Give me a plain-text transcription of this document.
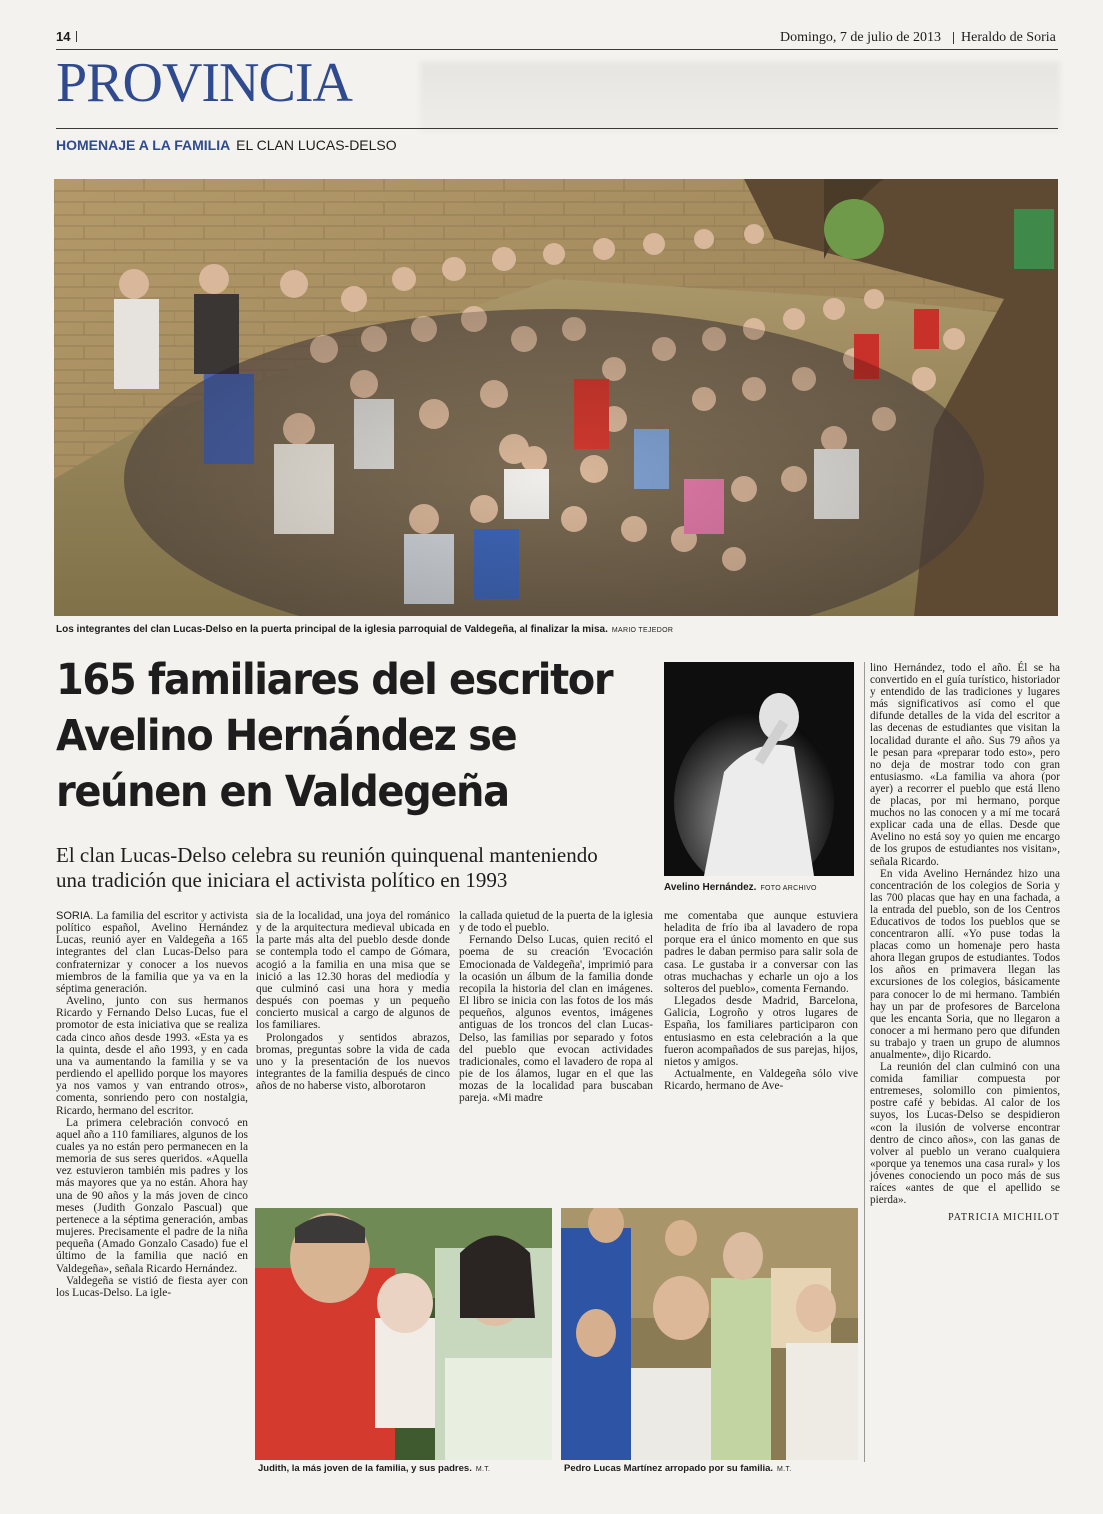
14	Domingo, 7 de julio de 2013 Heraldo de Soria
PROVINCIA
HOMENAJE A LA FAMILIA EL CLAN LUCAS-DELSO
Los integrantes del clan Lucas-Delso en la puerta principal de la iglesia parroquial de Valdegeña, al finalizar la misa. MARIO TEJEDOR
165 familiares del escritor
Avelino Hernández se
reúnen en Valdegeña
El clan Lucas-Delso celebra su reunión quinquenal manteniendo
una tradición que iniciara el activista político en 1993	Avelino Hernández. FOTO ARCHIVO

SORIA. La familia del escritor y activista político español, Avelino Hernández Lucas, reunió ayer en Valdegeña a 165 integrantes del clan Lucas-Delso para confraternizar y conocer a los nuevos miembros de la familia que ya va en la séptima generación.

Avelino, junto con sus hermanos Ricardo y Fernando Delso Lucas, fue el promotor de esta iniciativa que se realiza cada cinco años desde 1993. «Esta ya es la quinta, desde el año 1993, y en cada una va aumentando la familia y se va perdiendo el apellido porque los mayores ya nos vamos y van entrando otros», comenta, sonriendo pero con nostalgia, Ricardo, hermano del escritor.

La primera celebración convocó en aquel año a 110 familiares, algunos de los cuales ya no están pero permanecen en la memoria de sus seres queridos. «Aquella vez estuvieron también mis padres y los más mayores que ya no están. Ahora hay una de 90 años y la más joven de cinco meses (Judith Gonzalo Pascual) que pertenece a la séptima generación, ambas mujeres. Precisamente el padre de la niña pequeña (Amado Gonzalo Casado) fue el último de la familia que nació en Valdegeña», señala Ricardo Hernández.

Valdegeña se vistió de fiesta ayer con los Lucas-Delso. La igle-

sia de la localidad, una joya del románico y de la arquitectura medieval ubicada en la parte más alta del pueblo desde donde se contempla todo el campo de Gómara, acogió a la familia en una misa que se inició a las 12.30 horas del mediodía y que culminó casi una hora y media después con poemas y un pequeño concierto musical a cargo de algunos de los familiares.

Prolongados y sentidos abrazos, bromas, preguntas sobre la vida de cada uno y la presentación de los nuevos integrantes de la familia después de cinco años de no haberse visto, alborotaron

la callada quietud de la puerta de la iglesia y de todo el pueblo.

Fernando Delso Lucas, quien recitó el poema de su creación 'Evocación Emocionada de Valdegeña', imprimió para la ocasión un álbum de la familia donde recopila la historia del clan en imágenes. El libro se inicia con las fotos de los más pequeños, algunos eventos, imágenes antiguas de los troncos del clan Lucas-Delso, las familias por separado y fotos del pueblo que evocan actividades tradicionales, como el lavadero de ropa al pie de los álamos, lugar en el que las mozas de la localidad para buscaban pareja. «Mi madre

me comentaba que aunque estuviera heladita de frío iba al lavadero de ropa porque era el único momento en que sus padres le daban permiso para salir sola de casa. Le gustaba ir a conversar con las otras muchachas y echarle un ojo a los solteros del pueblo», comenta Fernando.

Llegados desde Madrid, Barcelona, Galicia, Logroño y otros lugares de España, los familiares participaron con entusiasmo en esta celebración a la que fueron acompañados de sus parejas, hijos, nietos y amigos.

Actualmente, en Valdegeña sólo vive Ricardo, hermano de Ave-

lino Hernández, todo el año. Él se ha convertido en el guía turístico, historiador y entendido de las tradiciones y lugares más significativos así como el que difunde detalles de la vida del escritor a las decenas de estudiantes que visitan la localidad durante el año. Sus 79 años ya le pesan para «preparar todo esto», pero no deja de mostrar todo con gran entusiasmo. «La familia va ahora (por ayer) a recorrer el pueblo que está lleno de placas, por mi hermano, porque muchos no las conocen y a mí me tocará explicar cada una de ellas. Desde que Avelino no está soy yo quien me encargo de los grupos de estudiantes nos visitan», señala Ricardo.

En vida Avelino Hernández hizo una concentración de los colegios de Soria y las 700 placas que hay en una fachada, a la entrada del pueblo, son de los Centros Educativos de todos los pueblos que se concentraron allí. «Yo puse todas la placas como un homenaje pero hasta ahora llegan grupos de estudiantes. Todos los años en primavera llegan las excursiones de los colegios, básicamente para conocer lo de mi hermano. También hay un par de profesores de Barcelona que les encanta Soria, que no llegaron a conocer a mi hermano pero que difunden su trabajo y traen un grupo de alumnos anualmente», dijo Ricardo.

La reunión del clan culminó con una comida familiar compuesta por entremeses, solomillo con pimientos, postre café y bebidas. Al calor de los suyos, los Lucas-Delso se despidieron «con la ilusión de volverse encontrar dentro de cinco años», con las ganas de volver al pueblo un verano cualquiera «porque ya tenemos una casa rural» y los jóvenes conociendo un poco más de sus raíces «antes de que el apellido se pierda».

PATRICIA MICHILOT
Judith, la más joven de la familia, y sus padres. M.T.	Pedro Lucas Martínez arropado por su familia. M.T.
